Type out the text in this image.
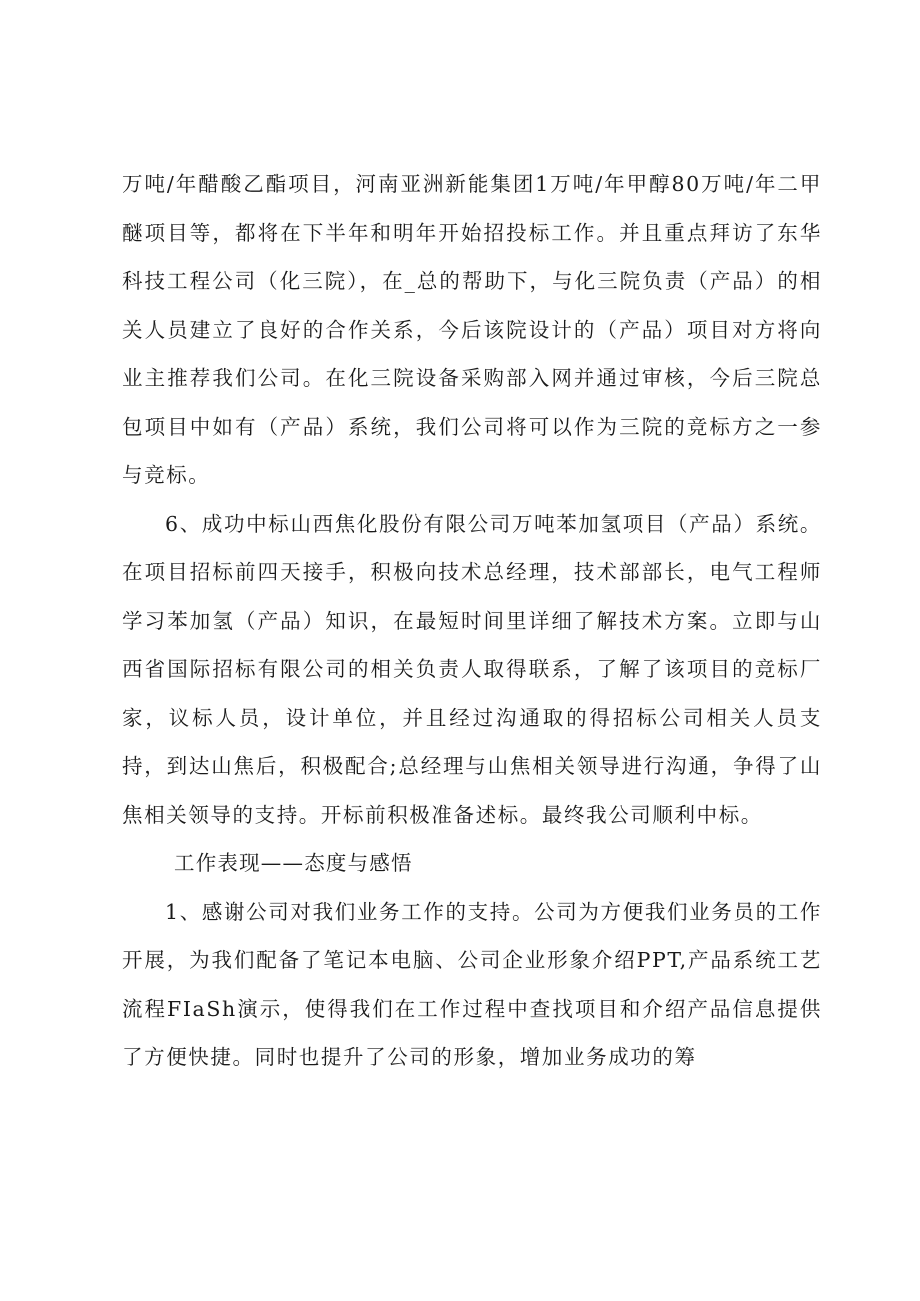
万吨/年醋酸乙酯项目，河南亚洲新能集团1万吨/年甲醇80万吨/年二甲醚项目等，都将在下半年和明年开始招投标工作。并且重点拜访了东华科技工程公司（化三院），在_总的帮助下，与化三院负责（产品）的相关人员建立了良好的合作关系，今后该院设计的（产品）项目对方将向业主推荐我们公司。在化三院设备采购部入网并通过审核，今后三院总包项目中如有（产品）系统，我们公司将可以作为三院的竞标方之一参与竞标。

6、成功中标山西焦化股份有限公司万吨苯加氢项目（产品）系统。在项目招标前四天接手，积极向技术总经理，技术部部长，电气工程师学习苯加氢（产品）知识，在最短时间里详细了解技术方案。立即与山西省国际招标有限公司的相关负责人取得联系，了解了该项目的竞标厂家，议标人员，设计单位，并且经过沟通取的得招标公司相关人员支持，到达山焦后，积极配合;总经理与山焦相关领导进行沟通，争得了山焦相关领导的支持。开标前积极准备述标。最终我公司顺利中标。

工作表现——态度与感悟

1、感谢公司对我们业务工作的支持。公司为方便我们业务员的工作开展，为我们配备了笔记本电脑、公司企业形象介绍PPT,产品系统工艺流程FIaSh演示，使得我们在工作过程中查找项目和介绍产品信息提供了方便快捷。同时也提升了公司的形象，增加业务成功的筹
